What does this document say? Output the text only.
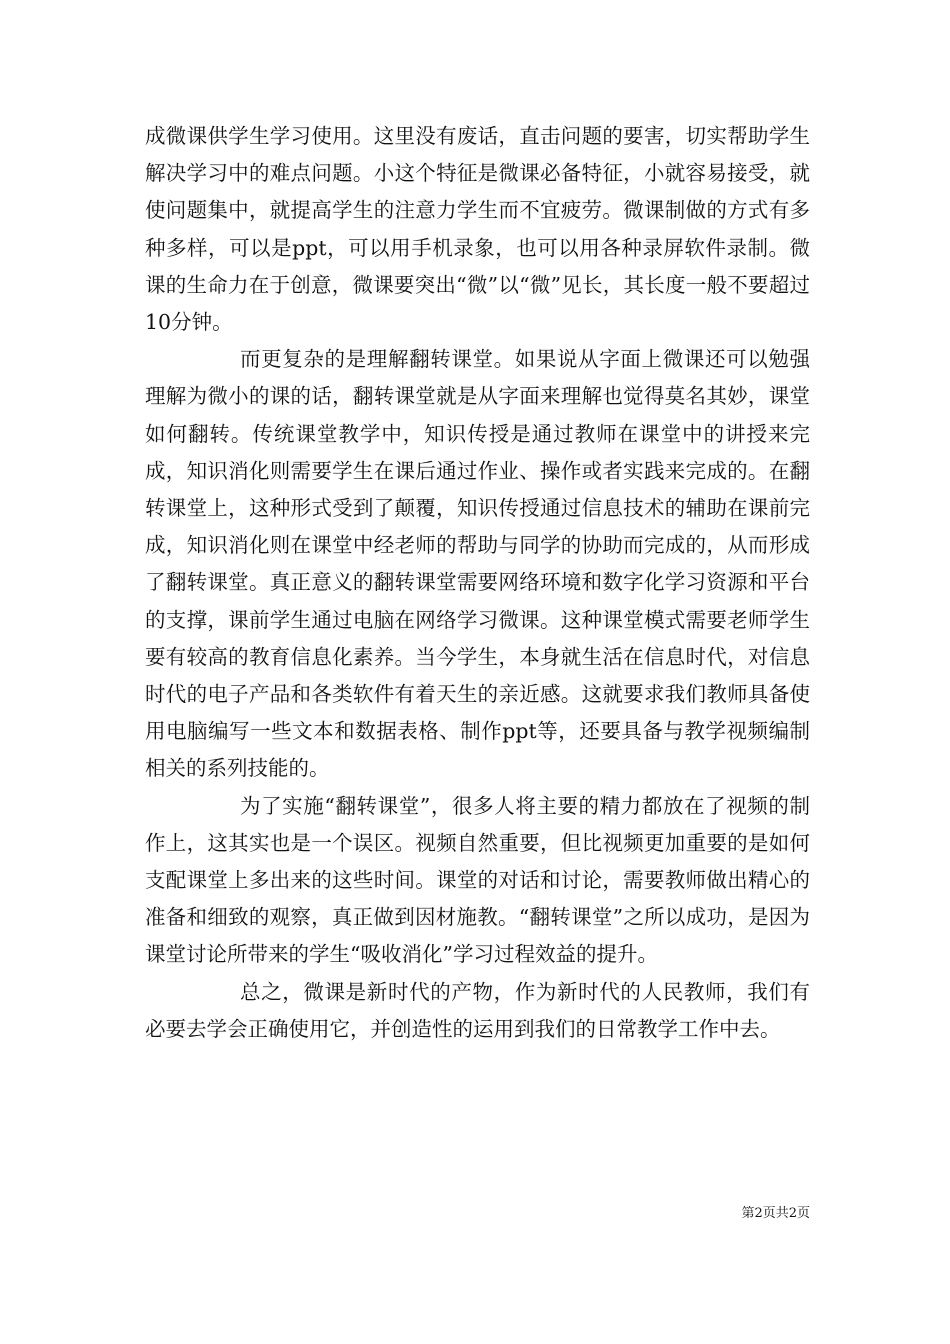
成微课供学生学习使用。这里没有废话，直击问题的要害，切实帮助学生解决学习中的难点问题。小这个特征是微课必备特征，小就容易接受，就使问题集中，就提高学生的注意力学生而不宜疲劳。微课制做的方式有多种多样，可以是ppt，可以用手机录象，也可以用各种录屏软件录制。微课的生命力在于创意，微课要突出“微”以“微”见长，其长度一般不要超过10分钟。

而更复杂的是理解翻转课堂。如果说从字面上微课还可以勉强理解为微小的课的话，翻转课堂就是从字面来理解也觉得莫名其妙，课堂如何翻转。传统课堂教学中，知识传授是通过教师在课堂中的讲授来完成，知识消化则需要学生在课后通过作业、操作或者实践来完成的。在翻转课堂上，这种形式受到了颠覆，知识传授通过信息技术的辅助在课前完成，知识消化则在课堂中经老师的帮助与同学的协助而完成的，从而形成了翻转课堂。真正意义的翻转课堂需要网络环境和数字化学习资源和平台的支撑，课前学生通过电脑在网络学习微课。这种课堂模式需要老师学生要有较高的教育信息化素养。当今学生，本身就生活在信息时代，对信息时代的电子产品和各类软件有着天生的亲近感。这就要求我们教师具备使用电脑编写一些文本和数据表格、制作ppt等，还要具备与教学视频编制相关的系列技能的。

为了实施“翻转课堂”，很多人将主要的精力都放在了视频的制作上，这其实也是一个误区。视频自然重要，但比视频更加重要的是如何支配课堂上多出来的这些时间。课堂的对话和讨论，需要教师做出精心的准备和细致的观察，真正做到因材施教。“翻转课堂”之所以成功，是因为课堂讨论所带来的学生“吸收消化”学习过程效益的提升。

总之，微课是新时代的产物，作为新时代的人民教师，我们有必要去学会正确使用它，并创造性的运用到我们的日常教学工作中去。

第2页共2页
